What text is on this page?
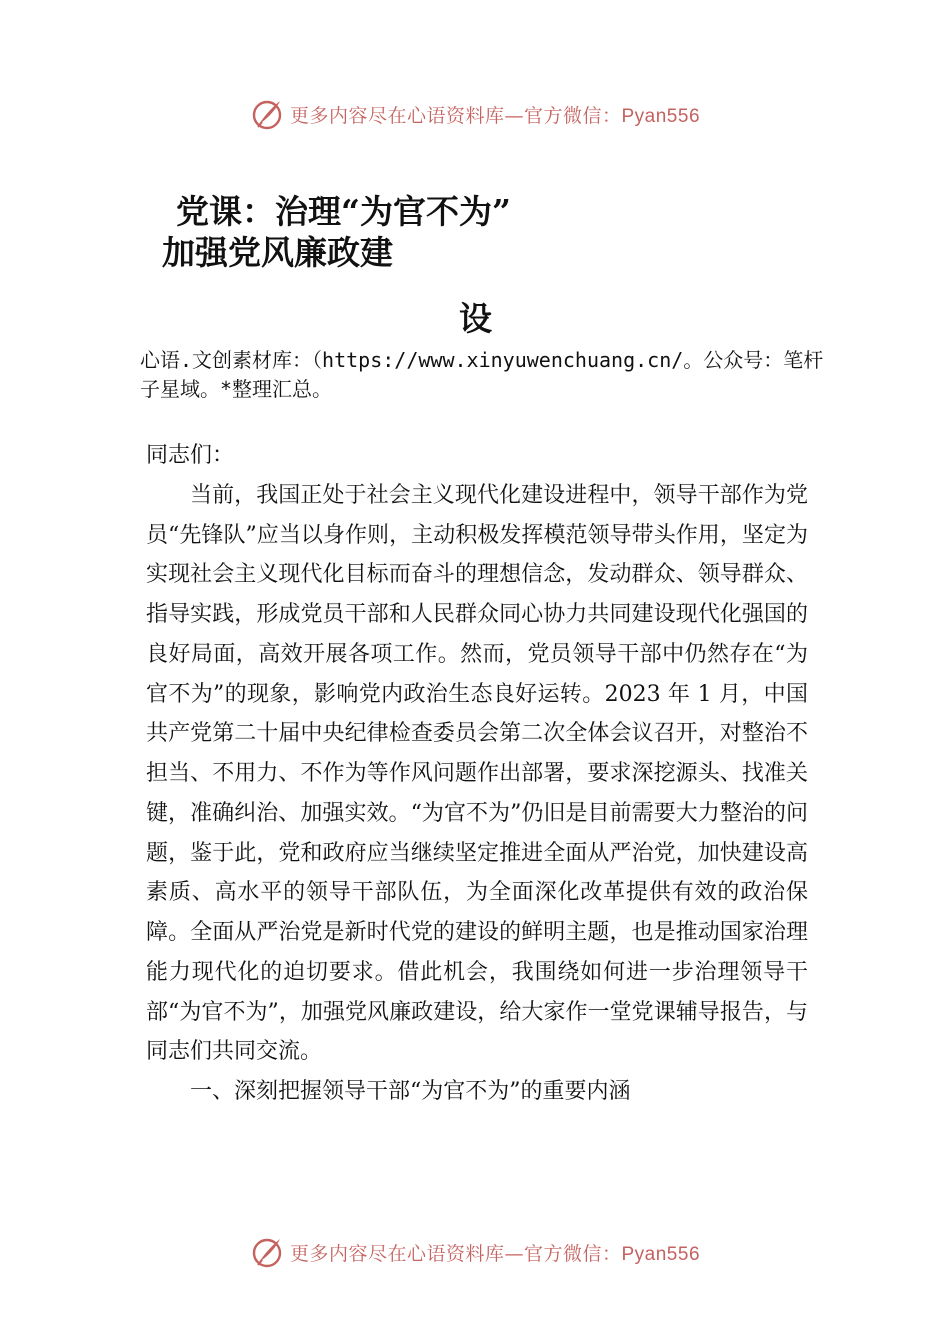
更多内容尽在心语资料库—官方微信：Pyan556
党课：治理“为官不为”
加强党风廉政建
设

心语.文创素材库：（https://www.xinyuwenchuang.cn/。公众号：笔杆子星域。*整理汇总。

同志们：

当前，我国正处于社会主义现代化建设进程中，领导干部作为党员“先锋队”应当以身作则，主动积极发挥模范领导带头作用，坚定为实现社会主义现代化目标而奋斗的理想信念，发动群众、领导群众、指导实践，形成党员干部和人民群众同心协力共同建设现代化强国的良好局面，高效开展各项工作。然而，党员领导干部中仍然存在“为官不为”的现象，影响党内政治生态良好运转。2023 年 1 月，中国共产党第二十届中央纪律检查委员会第二次全体会议召开，对整治不担当、不用力、不作为等作风问题作出部署，要求深挖源头、找准关键，准确纠治、加强实效。“为官不为”仍旧是目前需要大力整治的问题，鉴于此，党和政府应当继续坚定推进全面从严治党，加快建设高素质、高水平的领导干部队伍，为全面深化改革提供有效的政治保障。全面从严治党是新时代党的建设的鲜明主题，也是推动国家治理能力现代化的迫切要求。借此机会，我围绕如何进一步治理领导干部“为官不为”，加强党风廉政建设，给大家作一堂党课辅导报告，与同志们共同交流。

一、深刻把握领导干部“为官不为”的重要内涵

更多内容尽在心语资料库—官方微信：Pyan556
